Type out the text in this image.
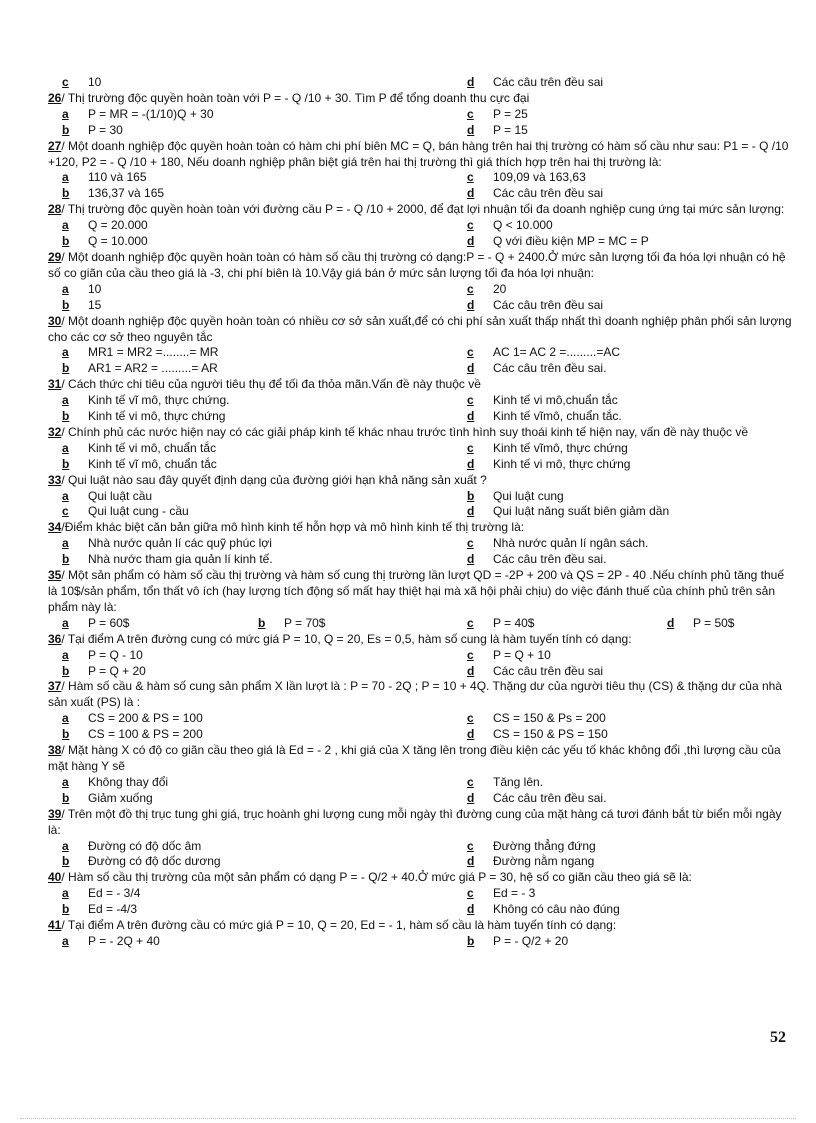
c	10	d	Các câu trên đều sai

26/ Thị trường độc quyền hoàn toàn với P = - Q /10 + 30. Tìm P để tổng doanh thu cực đại

a	P = MR = -(1/10)Q + 30	c	P = 25
b	P = 30	d	P = 15

27/ Một doanh nghiệp độc quyền hoàn toàn có hàm chi phí biên MC = Q, bán hàng trên hai thị trường có hàm số cầu như sau: P1 = - Q /10 +120, P2 = - Q /10 + 180, Nếu doanh nghiệp phân biệt giá trên hai thị trường thì giá thích hợp trên hai thị trường là:

a	110 và 165	c	109,09 và 163,63
b	136,37 và 165	d	Các câu trên đều sai

28/ Thị trường độc quyền hoàn toàn với đường cầu P = - Q /10 + 2000, để đạt lợi nhuận tối đa doanh nghiệp cung ứng tại mức sản lượng:

a	Q = 20.000	c	Q < 10.000
b	Q = 10.000	d	Q với điều kiện MP = MC = P

29/ Một doanh nghiệp độc quyền hoàn toàn có hàm số cầu thị trường có dạng:P = - Q + 2400.Ở mức sản lượng tối đa hóa lợi nhuận có hệ số co giãn của cầu theo giá là -3, chi phí biên là 10.Vậy giá bán ở mức sản lượng tối đa hóa lợi nhuận:

a	10	c	20
b	15	d	Các câu trên đều sai

30/ Một doanh nghiệp độc quyền hoàn toàn có nhiều cơ sở sản xuất,để có chi phí sản xuất thấp nhất thì doanh nghiệp phân phối sản lượng cho các cơ sở theo nguyên tắc

a	MR1 = MR2 =........= MR	c	AC 1= AC 2 =.........=AC
b	AR1 = AR2 = .........= AR	d	Các câu trên đều sai.

31/ Cách thức chi tiêu của người tiêu thụ để tối đa thỏa mãn.Vấn đề này thuộc về

a	Kinh tế vĩ mô, thực chứng.	c	Kinh tế vi mô,chuẩn tắc
b	Kinh tế vi mô, thực chứng	d	Kinh tế vĩmô, chuẩn tắc.

32/ Chính phủ các nước hiện nay có các giải pháp kinh tế khác nhau trước tình hình suy thoái kinh tế hiện nay, vấn đề này thuộc về

a	Kinh tế vi mô, chuẩn tắc	c	Kinh tế vĩmô, thực chứng
b	Kinh tế vĩ mô, chuẩn tắc	d	Kinh tế vi mô, thực chứng

33/ Qui luật nào sau đây quyết định dạng của đường giới hạn khả năng sản xuất ?

a	Qui luật cầu	b	Qui luật cung
c	Qui luật cung - cầu	d	Qui luật năng suất biên giảm dần

34/Điểm khác biệt căn bản giữa mô hình kinh tế hỗn hợp và mô hình kinh tế thị trường là:

a	Nhà nước quản lí các quỹ phúc lợi	c	Nhà nước quản lí ngân sách.
b	Nhà nước tham gia quản lí kinh tế.	d	Các câu trên đều sai.

35/ Một sản phẩm có hàm số cầu thị trường và hàm số cung thị trường lần lượt QD = -2P + 200 và QS = 2P - 40 .Nếu chính phủ tăng thuế là 10$/sản phẩm, tổn thất vô ích (hay lượng tích động số mất hay thiệt hại mà xã hội phải chịu) do việc đánh thuế của chính phủ trên sản phẩm này là:

a	P = 60$	b	P = 70$	c	P = 40$	d	P = 50$

36/ Tại điểm A trên đường cung có mức giá P = 10, Q = 20, Es = 0,5, hàm số cung là hàm tuyến tính có dạng:

a	P = Q - 10	c	P = Q + 10
b	P = Q + 20	d	Các câu trên đều sai

37/ Hàm số cầu & hàm số cung sản phẩm X lần lượt là : P = 70 - 2Q ; P = 10 + 4Q. Thặng dư của người tiêu thụ (CS) & thặng dư của nhà sản xuất (PS) là :

a	CS = 200 & PS = 100	c	CS = 150 & Ps = 200
b	CS = 100 & PS = 200	d	CS = 150 & PS = 150

38/ Mặt hàng X có độ co giãn cầu theo giá là Ed = - 2 , khi giá của X tăng lên trong điều kiện các yếu tố khác không đổi ,thì lượng cầu của mặt hàng Y sẽ

a	Không thay đổi	c	Tăng lên.
b	Giảm xuống	d	Các câu trên đều sai.

39/ Trên một đồ thị trục tung ghi giá, trục hoành ghi lượng cung mỗi ngày thì đường cung của mặt hàng cá tươi đánh bắt từ biển mỗi ngày là:

a	Đường có độ dốc âm	c	Đường thẳng đứng
b	Đường có độ dốc dương	d	Đường nằm ngang

40/ Hàm số cầu thị trường của một sản phẩm có dạng P = - Q/2 + 40.Ở mức giá P = 30, hệ số co giãn cầu theo giá sẽ là:

a	Ed = - 3/4	c	Ed = - 3
b	Ed = -4/3	d	Không có câu nào đúng

41/ Tại điểm A trên đường cầu có mức giá P = 10, Q = 20, Ed = - 1, hàm số cầu là hàm tuyến tính có dạng:

a	P = - 2Q + 40	b	P = - Q/2 + 20
52
